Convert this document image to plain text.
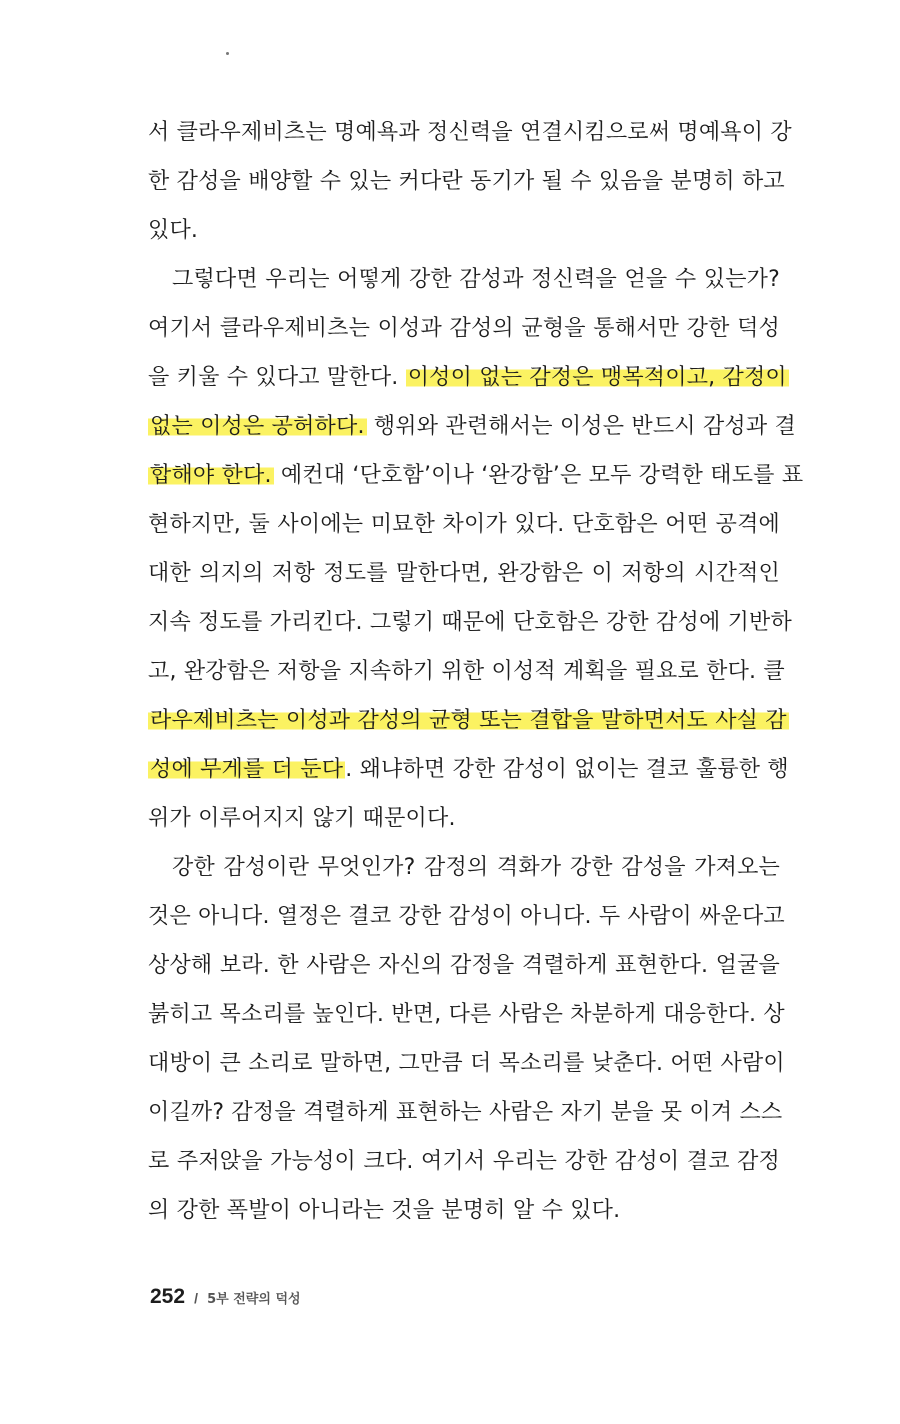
서 클라우제비츠는 명예욕과 정신력을 연결시킴으로써 명예욕이 강
한 감성을 배양할 수 있는 커다란 동기가 될 수 있음을 분명히 하고
있다.
그렇다면 우리는 어떻게 강한 감성과 정신력을 얻을 수 있는가?
여기서 클라우제비츠는 이성과 감성의 균형을 통해서만 강한 덕성
을 키울 수 있다고 말한다. 이성이 없는 감정은 맹목적이고, 감정이
없는 이성은 공허하다. 행위와 관련해서는 이성은 반드시 감성과 결
합해야 한다. 예컨대 ‘단호함’이나 ‘완강함’은 모두 강력한 태도를 표
현하지만, 둘 사이에는 미묘한 차이가 있다. 단호함은 어떤 공격에
대한 의지의 저항 정도를 말한다면, 완강함은 이 저항의 시간적인
지속 정도를 가리킨다. 그렇기 때문에 단호함은 강한 감성에 기반하
고, 완강함은 저항을 지속하기 위한 이성적 계획을 필요로 한다. 클
라우제비츠는 이성과 감성의 균형 또는 결합을 말하면서도 사실 감
성에 무게를 더 둔다. 왜냐하면 강한 감성이 없이는 결코 훌륭한 행
위가 이루어지지 않기 때문이다.
강한 감성이란 무엇인가? 감정의 격화가 강한 감성을 가져오는
것은 아니다. 열정은 결코 강한 감성이 아니다. 두 사람이 싸운다고
상상해 보라. 한 사람은 자신의 감정을 격렬하게 표현한다. 얼굴을
붉히고 목소리를 높인다. 반면, 다른 사람은 차분하게 대응한다. 상
대방이 큰 소리로 말하면, 그만큼 더 목소리를 낮춘다. 어떤 사람이
이길까? 감정을 격렬하게 표현하는 사람은 자기 분을 못 이겨 스스
로 주저앉을 가능성이 크다. 여기서 우리는 강한 감성이 결코 감정
의 강한 폭발이 아니라는 것을 분명히 알 수 있다.
252 / 5부 전략의 덕성
